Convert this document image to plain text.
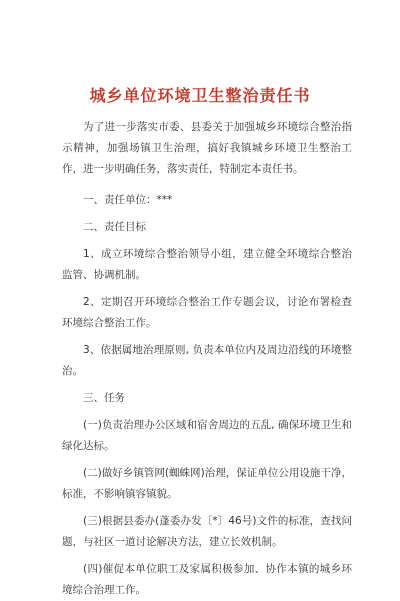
城乡单位环境卫生整治责任书

为了进一步落实市委、县委关于加强城乡环境综合整治指示精神，加强场镇卫生治理，搞好我镇城乡环境卫生整治工作，进一步明确任务，落实责任，特制定本责任书。

一、责任单位：***

二、责任目标

1、成立环境综合整治领导小组，建立健全环境综合整治监管、协调机制。

2、定期召开环境综合整治工作专题会议，讨论布署检查环境综合整治工作。

3、依据属地治理原则, 负责本单位内及周边沿线的环境整治。

三、任务

(一)负责治理办公区域和宿舍周边的五乱, 确保环境卫生和绿化达标。

(二)做好乡镇管网(蜘蛛网)治理，保证单位公用设施干净，标准，不影响镇容镇貌。

(三)根据县委办(蓬委办发〔*〕46号)文件的标准，查找问题，与社区一道讨论解决方法，建立长效机制。

(四)催促本单位职工及家属积极参加、协作本镇的城乡环境综合治理工作。
